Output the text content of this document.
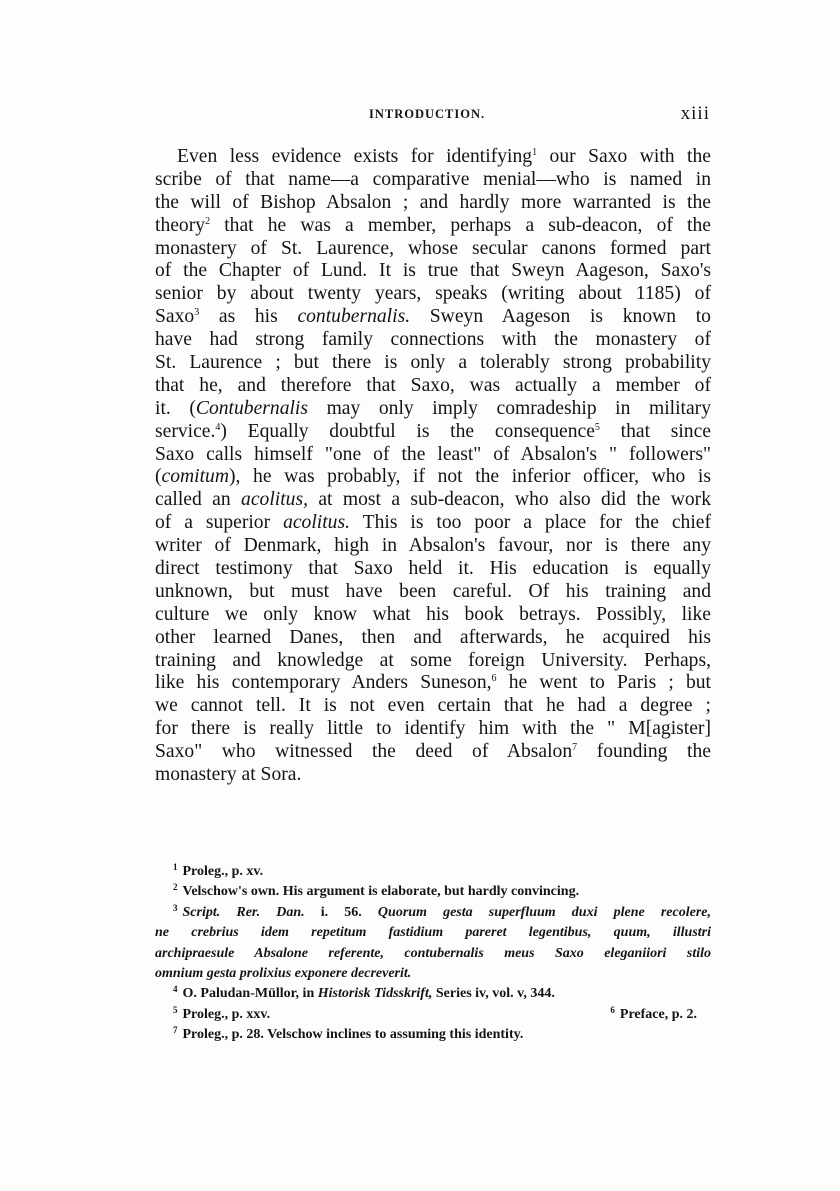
INTRODUCTION.	xiii
Even less evidence exists for identifying$^1$ our Saxo with the
scribe of that name—a comparative menial—who is named in
the will of Bishop Absalon ; and hardly more warranted is the
theory$^2$ that he was a member, perhaps a sub-deacon, of the
monastery of St. Laurence, whose secular canons formed part
of the Chapter of Lund. It is true that Sweyn Aageson, Saxo's
senior by about twenty years, speaks (writing about 1185) of
Saxo$^3$ as his contubernalis. Sweyn Aageson is known to
have had strong family connections with the monastery of
St. Laurence ; but there is only a tolerably strong probability
that he, and therefore that Saxo, was actually a member of
it. (Contubernalis may only imply comradeship in military
service.$^4$) Equally doubtful is the consequence$^5$ that since
Saxo calls himself "one of the least" of Absalon's " followers"
(comitum), he was probably, if not the inferior officer, who is
called an acolitus, at most a sub-deacon, who also did the work
of a superior acolitus. This is too poor a place for the chief
writer of Denmark, high in Absalon's favour, nor is there any
direct testimony that Saxo held it. His education is equally
unknown, but must have been careful. Of his training and
culture we only know what his book betrays. Possibly, like
other learned Danes, then and afterwards, he acquired his
training and knowledge at some foreign University. Perhaps,
like his contemporary Anders Suneson,$^6$ he went to Paris ; but
we cannot tell. It is not even certain that he had a degree ;
for there is really little to identify him with the " M[agister]
Saxo" who witnessed the deed of Absalon$^7$ founding the
monastery at Sora.
$^1$ Proleg., p. xv.
$^2$ Velschow's own. His argument is elaborate, but hardly convincing.
$^3$ Script. Rer. Dan. i. 56. Quorum gesta superfluum duxi plene recolere,
ne crebrius idem repetitum fastidium pareret legentibus, quum, illustri
archipraesule Absalone referente, contubernalis meus Saxo eleganiiori stilo
omnium gesta prolixius exponere decreverit.
$^4$ O. Paludan-Müllor, in Historisk Tidsskrift, Series iv, vol. v, 344.
$^5$ Proleg., p. xxv.	$^6$ Preface, p. 2.
$^7$ Proleg., p. 28. Velschow inclines to assuming this identity.
